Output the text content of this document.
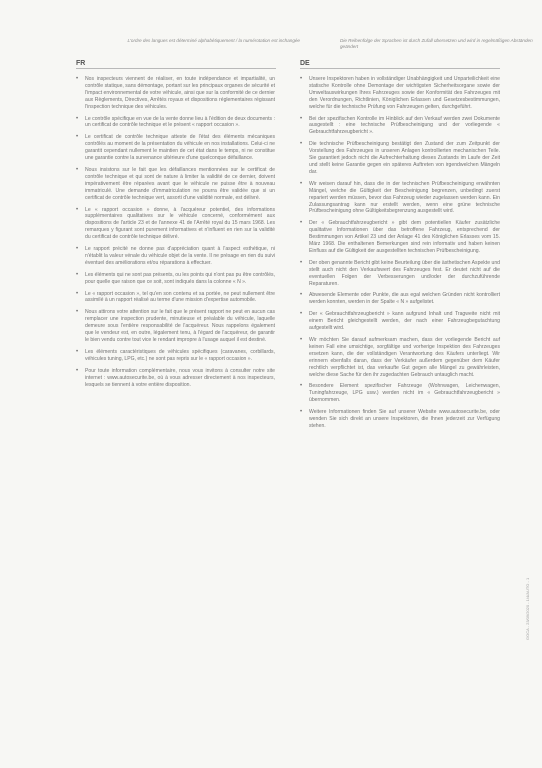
L'ordre des langues est déterminé alphabétiquement / la numérotation est inchangée	Die Reihenfolge der Sprachen ist durch Zufall übersetzen und wird in regelmäßigen Abständen geändert
FR	DE
•	Nos inspecteurs viennent de réaliser, en toute indépendance et impartialité, un contrôle statique, sans démontage, portant sur les principaux organes de sécurité et l'impact environnemental de votre véhicule, ainsi que sur la conformité de ce dernier aux Règlements, Directives, Arrêtés royaux et dispositions réglementaires régissant l'inspection technique des véhicules.
•	Le contrôle spécifique en vue de la vente donne lieu à l'édition de deux documents : un certificat de contrôle technique et le présent « rapport occasion ».
•	Le certificat de contrôle technique atteste de l'état des éléments mécaniques contrôlés au moment de la présentation du véhicule en nos installations. Celui-ci ne garantit cependant nullement le maintien de cet état dans le temps, ni ne constitue une garantie contre la survenance ultérieure d'une quelconque défaillance.
•	Nous insistons sur le fait que les défaillances mentionnées sur le certificat de contrôle technique et qui sont de nature à limiter la validité de ce dernier, doivent impérativement être réparées avant que le véhicule ne puisse être à nouveau immatriculé. Une demande d'immatriculation ne pourra être validée que si un certificat de contrôle technique vert, assorti d'une validité normale, est délivré.
•	Le « rapport occasion » donne, à l'acquéreur potentiel, des informations supplémentaires qualitatives sur le véhicule concerné, conformément aux dispositions de l'article 23 et de l'annexe 41 de l'Arrêté royal du 15 mars 1968. Les remarques y figurant sont purement informatives et n'influent en rien sur la validité du certificat de contrôle technique délivré.
•	Le rapport précité ne donne pas d'appréciation quant à l'aspect esthétique, ni n'établit la valeur vénale du véhicule objet de la vente. Il ne présage en rien du suivi éventuel des améliorations et/ou réparations à effectuer.
•	Les éléments qui ne sont pas présents, ou les points qui n'ont pas pu être contrôlés, pour quelle que raison que ce soit, sont indiqués dans la colonne « N ».
•	Le « rapport occasion », tel qu'en son contenu et sa portée, ne peut nullement être assimilé à un rapport réalisé au terme d'une mission d'expertise automobile.
•	Nous attirons votre attention sur le fait que le présent rapport ne peut en aucun cas remplacer une inspection prudente, minutieuse et préalable du véhicule, laquelle demeure sous l'entière responsabilité de l'acquéreur. Nous rappelons également que le vendeur est, en outre, légalement tenu, à l'égard de l'acquéreur, de garantir le bien vendu contre tout vice le rendant impropre à l'usage auquel il est destiné.
•	Les éléments caractéristiques de véhicules spécifiques (caravanes, corbillards, véhicules tuning, LPG, etc.) ne sont pas repris sur le « rapport occasion ».
•	Pour toute information complémentaire, nous vous invitons à consulter notre site internet : www.autosecurite.be, où à vous adresser directement à nos inspecteurs, lesquels se tiennent à votre entière disposition.
•	Unsere Inspektoren haben in vollständiger Unabhängigkeit und Unparteilichkeit eine statische Kontrolle ohne Demontage der wichtigsten Sicherheitsorgane sowie der Umweltauswirkungen Ihres Fahrzeuges sowie der Konformität des Fahrzeuges mit den Verordnungen, Richtlinien, Königlichen Erlassen und Gesetzesbestimmungen, welche für die technische Prüfung von Fahrzeugen gelten, durchgeführt.
•	Bei der spezifischen Kontrolle im Hinblick auf den Verkauf werden zwei Dokumente ausgestellt : eine technische Prüfbescheinigung und der vorliegende « Gebrauchtfahrzeugbericht ».
•	Die technische Prüfbescheinigung bestätigt den Zustand der zum Zeitpunkt der Vorstellung des Fahrzeuges in unseren Anlagen kontrollierten mechanischen Teile. Sie garantiert jedoch nicht die Aufrechterhaltung dieses Zustands im Laufe der Zeit und stellt keine Garantie gegen ein späteres Auftreten von irgendwelchen Mängeln dar.
•	Wir weisen darauf hin, dass die in der technischen Prüfbescheinigung erwähnten Mängel, welche die Gültigkeit der Bescheinigung begrenzen, unbedingt zuerst repariert werden müssen, bevor das Fahrzeug wieder zugelassen werden kann. Ein Zulassungsantrag kann nur erstellt werden, wenn eine grüne technische Prüfbescheinigung ohne Gültigkeitsbegrenzung ausgestellt wird.
•	Der « Gebrauchtfahrzeugbericht » gibt dem potentiellen Käufer zusätzliche qualitative Informationen über das betroffene Fahrzeug, entsprechend der Bestimmungen von Artikel 23 und der Anlage 41 des Königlichen Erlasses vom 15. März 1968. Die enthaltenen Bemerkungen sind rein informativ und haben keinen Einfluss auf die Gültigkeit der ausgestellten technischen Prüfbescheinigung.
•	Der oben genannte Bericht gibt keine Beurteilung über die ästhetischen Aspekte und stellt auch nicht den Verkaufswert des Fahrzeuges fest. Er deutet nicht auf die eventuellen Folgen der Verbesserungen und/oder der durchzuführende Reparaturen.
•	Abwesende Elemente oder Punkte, die aus egal welchen Gründen nicht kontrolliert werden konnten, werden in der Spalte « N » aufgelistet.
•	Der « Gebrauchtfahrzeugbericht » kann aufgrund Inhalt und Tragweite nicht mit einem Bericht gleichgestellt werden, der nach einer Fahrzeugbegutachtung aufgestellt wird.
•	Wir möchten Sie darauf aufmerksam machen, dass der vorliegende Bericht auf keinen Fall eine umsichtige, sorgfältige und vorherige Inspektion des Fahrzeuges ersetzen kann, die der vollständigen Verantwortung des Käufers unterliegt. Wir erinnern ebenfalls daran, dass der Verkäufer außerdem gegenüber dem Käufer rechtlich verpflichtet ist, das verkaufte Gut gegen alle Mängel zu gewährleisten, welche diese Sache für den ihr zugedachten Gebrauch untauglich macht.
•	Besondere Element spezifischer Fahrzeuge (Wohnwagen, Leichenwagen, Tuningfahrzeuge, LPG usw.) werden nicht im « Gebrauchtfahrzeugbericht » übernommen.
•	Weitere Informationen finden Sie auf unserer Website www.autosecurite.be, oder wenden Sie sich direkt an unsere Inspektoren, die Ihnen jederzeit zur Verfügung stehen.
GOCA - 23/09/2020 - 1/4/AUTO - 1
